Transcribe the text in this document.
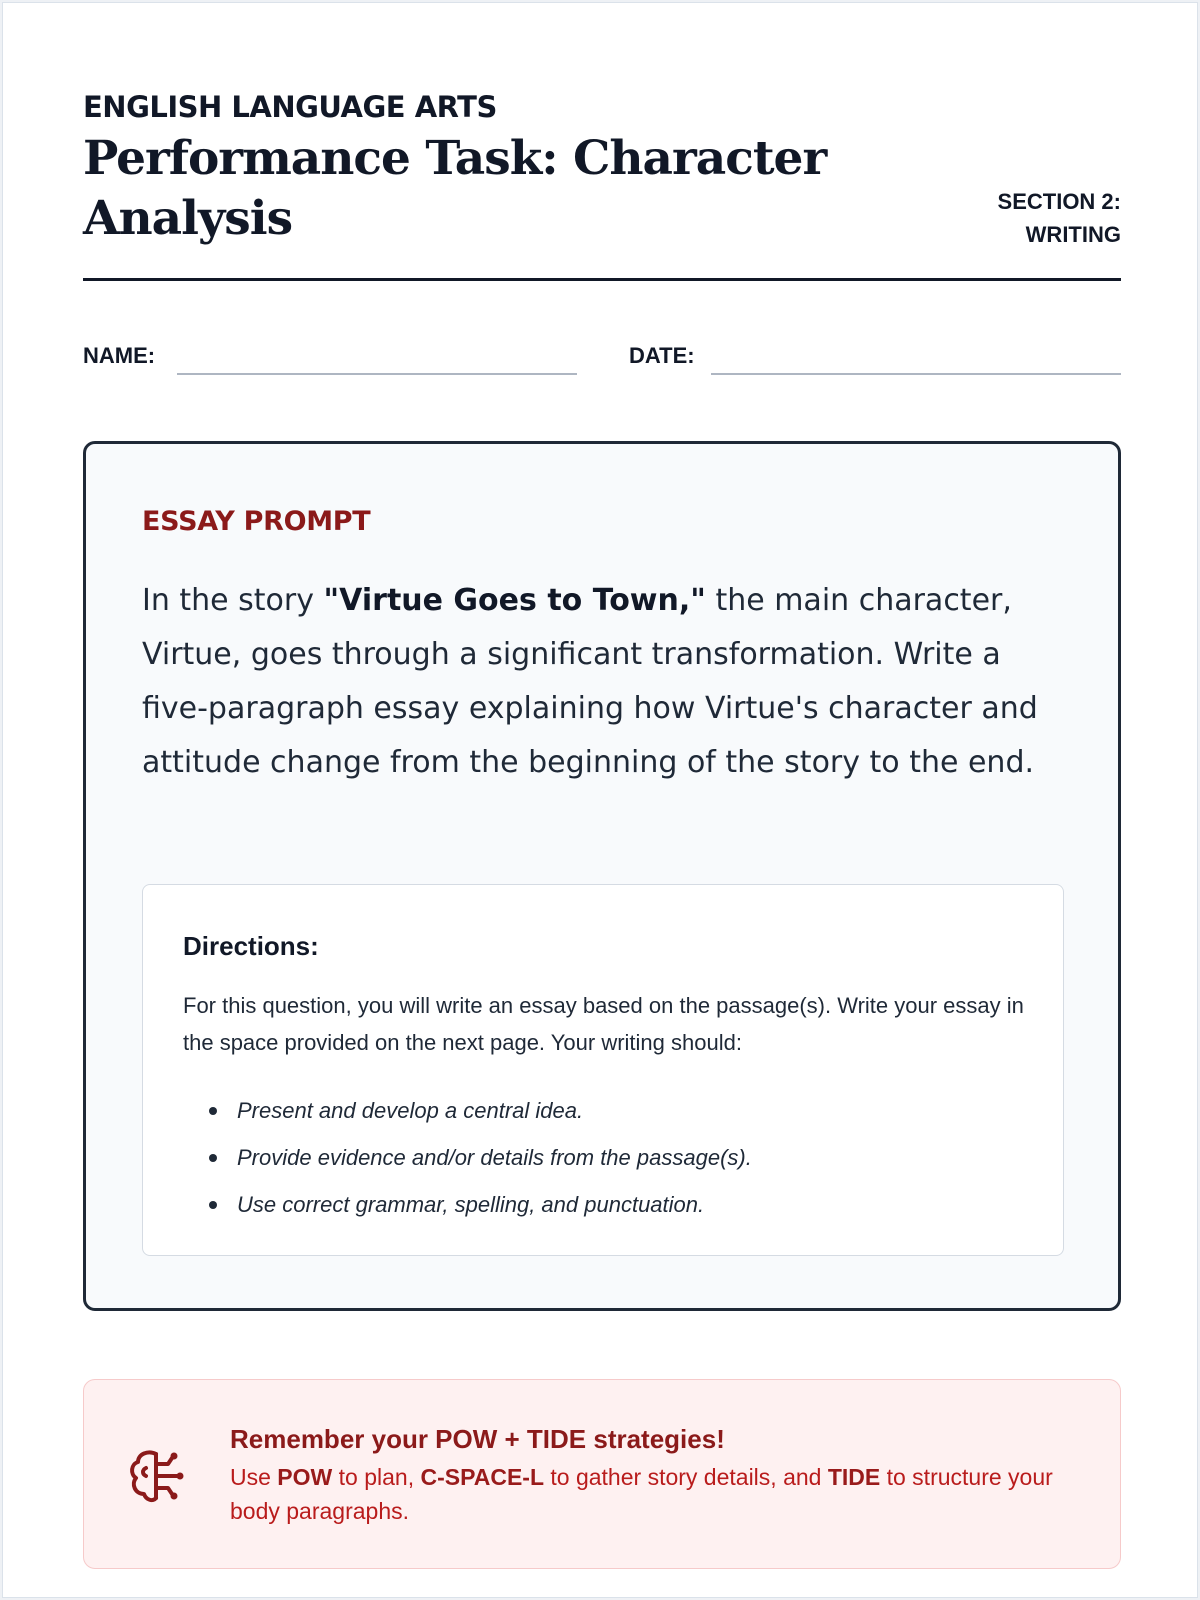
ENGLISH LANGUAGE ARTS
Performance Task: Character Analysis	SECTION 2:
WRITING
NAME:	DATE:
ESSAY PROMPT

In the story "Virtue Goes to Town," the main character, Virtue, goes through a significant transformation. Write a five-paragraph essay explaining how Virtue's character and attitude change from the beginning of the story to the end.

Directions:

For this question, you will write an essay based on the passage(s). Write your essay in the space provided on the next page. Your writing should:

Present and develop a central idea.
Provide evidence and/or details from the passage(s).
Use correct grammar, spelling, and punctuation.
Remember your POW + TIDE strategies!

Use POW to plan, C-SPACE-L to gather story details, and TIDE to structure your body paragraphs.
